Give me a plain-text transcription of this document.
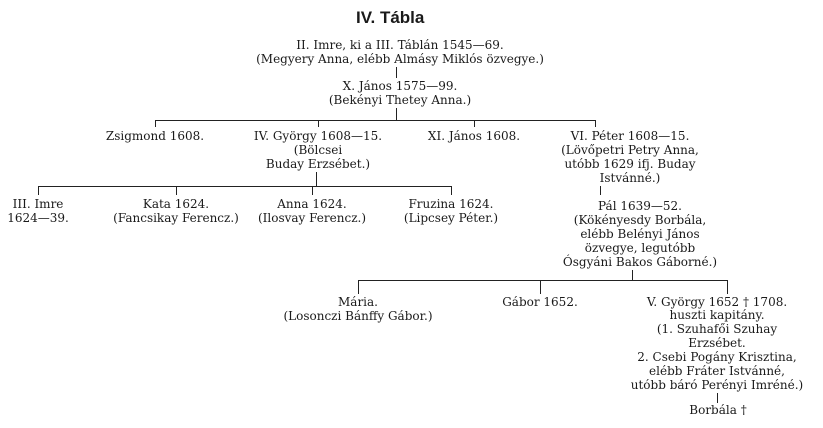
IV. Tábla
II. Imre, ki a III. Táblán 1545—69.
(Megyery Anna, elébb Almásy Miklós özvegye.)
X. János 1575—99.
(Bekényi Thetey Anna.)
Zsigmond 1608.	IV. György 1608—15.
(Bölcsei
Buday Erzsébet.)
XI. János 1608.	VI. Péter 1608—15.
(Lövőpetri Petry Anna,
utóbb 1629 ifj. Buday
Istvánné.)
III. Imre
1624—39.
Kata 1624.
(Fancsikay Ferencz.)
Anna 1624.
(Ilosvay Ferencz.)
Fruzina 1624.
(Lipcsey Péter.)
Pál 1639—52.
(Kökényesdy Borbála,
elébb Belényi János
özvegye, legutóbb
Ósgyáni Bakos Gáborné.)
Mária.
(Losonczi Bánffy Gábor.)
Gábor 1652.	V. György 1652 † 1708.
huszti kapitány.
(1. Szuhafői Szuhay
Erzsébet.
2. Csebi Pogány Krisztina,
elébb Fráter Istvánné,
utóbb báró Perényi Imréné.)
Borbála †
